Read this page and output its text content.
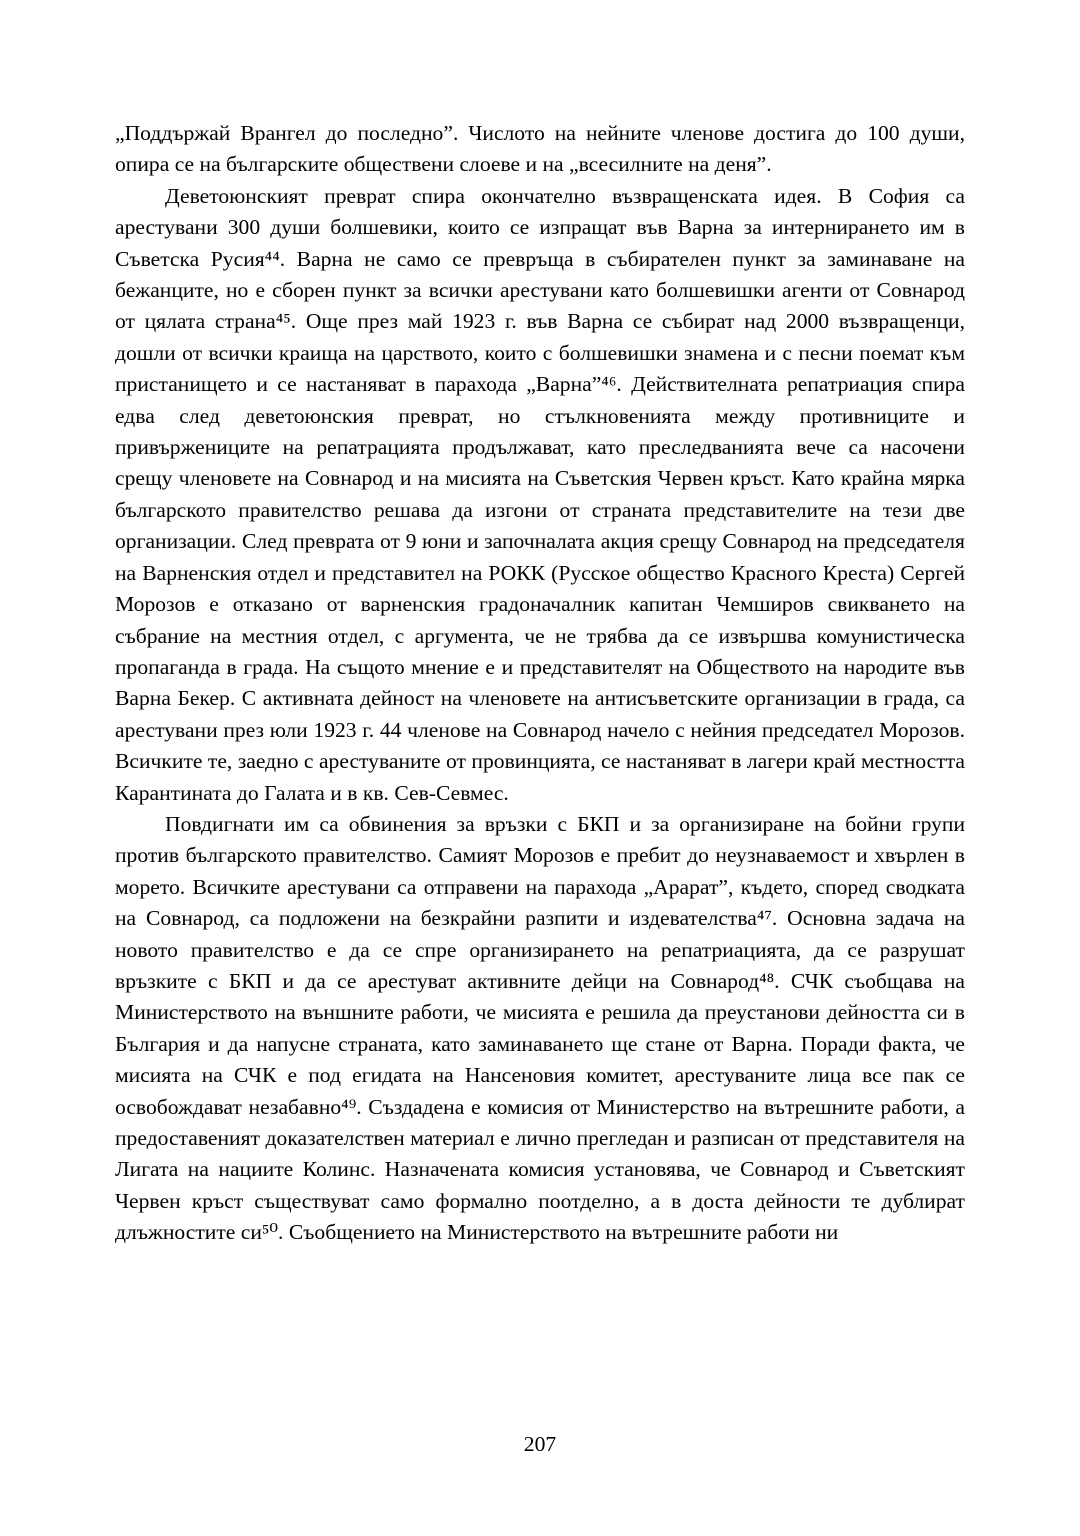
„Поддържай Врангел до последно”. Числото на нейните членове достига до 100 души, опира се на българските обществени слоеве и на „всесилните на деня”.

Деветоюнският преврат спира окончателно възвращенската идея. В София са арестувани 300 души болшевики, които се изпращат във Варна за интернирането им в Съветска Русия⁴⁴. Варна не само се превръща в събирателен пункт за заминаване на бежанците, но е сборен пункт за всички арестувани като болшевишки агенти от Совнарод от цялата страна⁴⁵. Още през май 1923 г. във Варна се събират над 2000 възвращенци, дошли от всички краища на царството, които с болшевишки знамена и с песни поемат към пристанището и се настаняват в парахода „Варна”⁴⁶. Действителната репатриация спира едва след деветоюнския преврат, но стълкновенията между противниците и привържениците на репатрацията продължават, като преследванията вече са насочени срещу членовете на Совнарод и на мисията на Съветския Червен кръст. Като крайна мярка българското правителство решава да изгони от страната представителите на тези две организации. След преврата от 9 юни и започналата акция срещу Совнарод на председателя на Варненския отдел и представител на РОКК (Русское общество Красного Креста) Сергей Морозов е отказано от варненския градоначалник капитан Чемширов свикването на събрание на местния отдел, с аргумента, че не трябва да се извършва комунистическа пропаганда в града. На същото мнение е и представителят на Обществото на народите във Варна Бекер. С активната дейност на членовете на антисъветските организации в града, са арестувани през юли 1923 г. 44 членове на Совнарод начело с нейния председател Морозов. Всичките те, заедно с арестуваните от провинцията, се настаняват в лагери край местността Карантината до Галата и в кв. Сев-Севмес.

Повдигнати им са обвинения за връзки с БКП и за организиране на бойни групи против българското правителство. Самият Морозов е пребит до неузнаваемост и хвърлен в морето. Всичките арестувани са отправени на парахода „Арарат”, където, според сводката на Совнарод, са подложени на безкрайни разпити и издевателства⁴⁷. Основна задача на новото правителство е да се спре организирането на репатриацията, да се разрушат връзките с БКП и да се арестуват активните дейци на Совнарод⁴⁸. СЧК съобщава на Министерството на външните работи, че мисията е решила да преустанови дейността си в България и да напусне страната, като заминаването ще стане от Варна. Поради факта, че мисията на СЧК е под егидата на Нансеновия комитет, арестуваните лица все пак се освобождават незабавно⁴⁹. Създадена е комисия от Министерство на вътрешните работи, а предоставеният доказателствен материал е лично прегледан и разписан от представителя на Лигата на нациите Колинс. Назначената комисия установява, че Совнарод и Съветският Червен кръст съществуват само формално поотделно, а в доста дейности те дублират длъжностите си⁵⁰. Съобщението на Министерството на вътрешните работи ни

207
